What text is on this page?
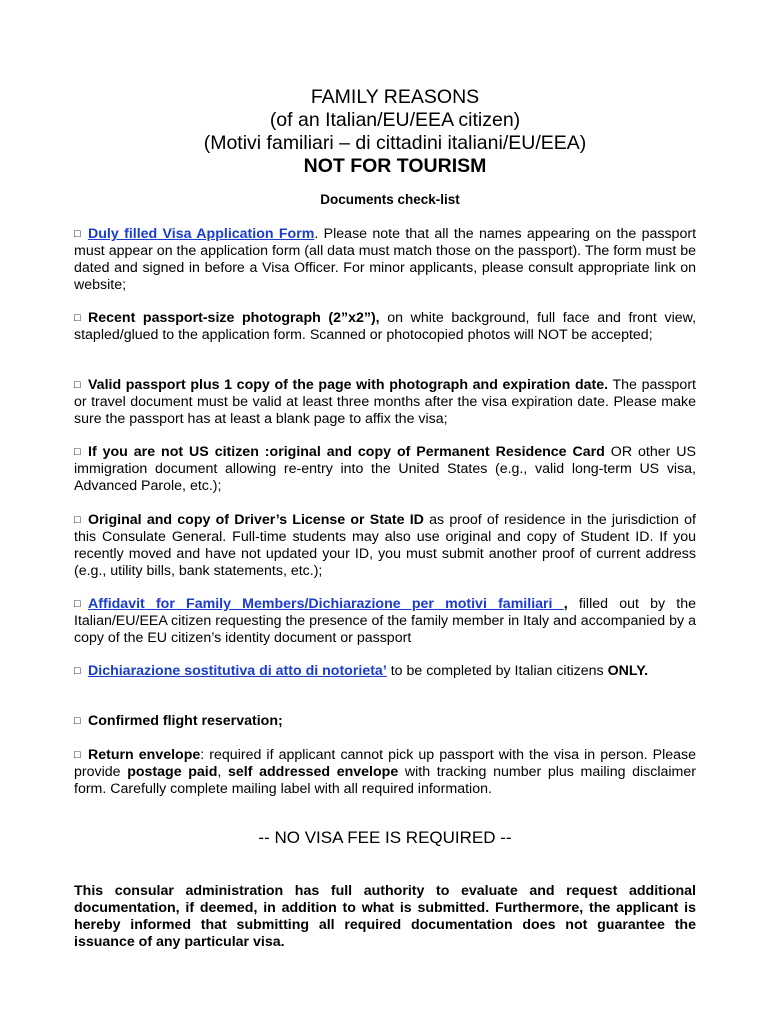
FAMILY REASONS
(of an Italian/EU/EEA citizen)
(Motivi familiari – di cittadini italiani/EU/EEA)
NOT FOR TOURISM
Documents check-list

□ Duly filled Visa Application Form. Please note that all the names appearing on the passport must appear on the application form (all data must match those on the passport). The form must be dated and signed in before a Visa Officer. For minor applicants, please consult appropriate link on website;

□ Recent passport-size photograph (2”x2”), on white background, full face and front view, stapled/glued to the application form. Scanned or photocopied photos will NOT be accepted;

□ Valid passport plus 1 copy of the page with photograph and expiration date. The passport or travel document must be valid at least three months after the visa expiration date. Please make sure the passport has at least a blank page to affix the visa;

□ If you are not US citizen :original and copy of Permanent Residence Card OR other US immigration document allowing re-entry into the United States (e.g., valid long-term US visa, Advanced Parole, etc.);

□ Original and copy of Driver’s License or State ID as proof of residence in the jurisdiction of this Consulate General. Full-time students may also use original and copy of Student ID. If you recently moved and have not updated your ID, you must submit another proof of current address (e.g., utility bills, bank statements, etc.);

□ Affidavit for Family Members/Dichiarazione per motivi familiari , filled out by the Italian/EU/EEA citizen requesting the presence of the family member in Italy and accompanied by a copy of the EU citizen’s identity document or passport

□ Dichiarazione sostitutiva di atto di notorieta’ to be completed by Italian citizens ONLY.

□ Confirmed flight reservation;

□ Return envelope: required if applicant cannot pick up passport with the visa in person. Please provide postage paid, self addressed envelope with tracking number plus mailing disclaimer form. Carefully complete mailing label with all required information.

-- NO VISA FEE IS REQUIRED --
This consular administration has full authority to evaluate and request additional documentation, if deemed, in addition to what is submitted. Furthermore, the applicant is hereby informed that submitting all required documentation does not guarantee the issuance of any particular visa.
